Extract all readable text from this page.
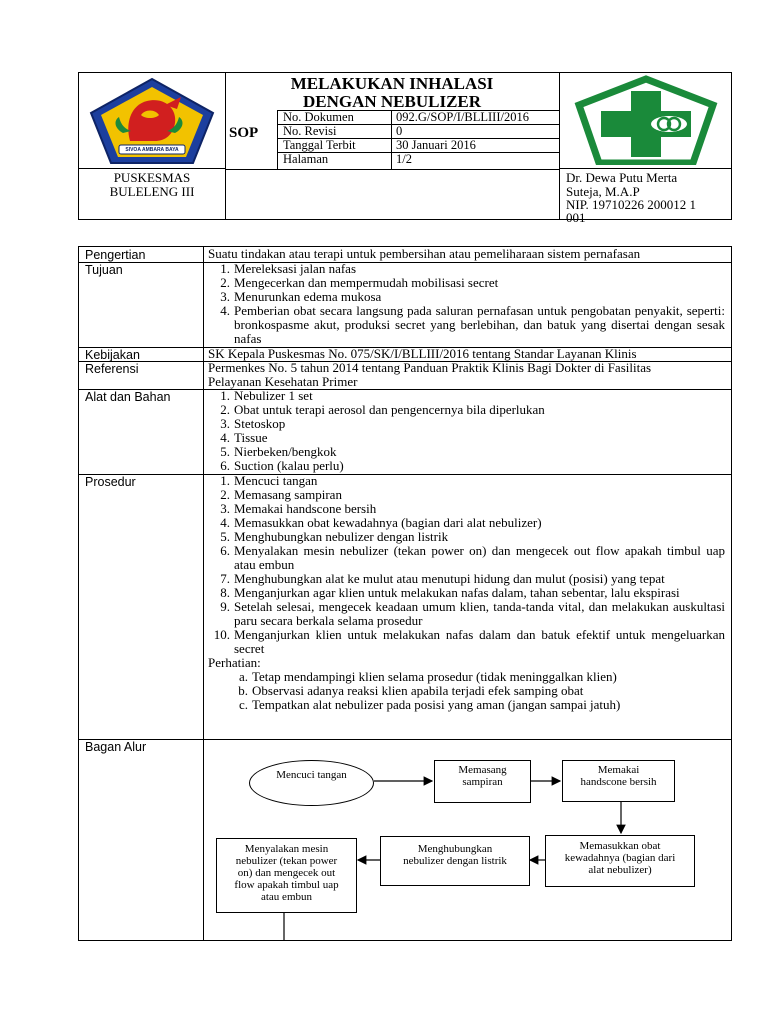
SIVOA AMBARA BAYA
PUSKESMAS
BULELENG III
MELAKUKAN INHALASI
DENGAN NEBULIZER
SOP
No. Dokumen	092.G/SOP/I/BLLIII/2016
No. Revisi	0
Tanggal Terbit	30 Januari 2016
Halaman	1/2
Dr. Dewa Putu Merta
Suteja, M.A.P
NIP. 19710226 200012 1
001
Pengertian	Suatu tindakan atau terapi untuk pembersihan atau pemeliharaan sistem pernafasan
Tujuan	1. Mereleksasi jalan nafas
2. Mengecerkan dan mempermudah mobilisasi secret
3. Menurunkan edema mukosa
4. Pemberian obat secara langsung pada saluran pernafasan untuk pengobatan penyakit, seperti: bronkospasme akut, produksi secret yang berlebihan, dan batuk yang disertai dengan sesak nafas
Kebijakan	SK Kepala Puskesmas No. 075/SK/I/BLLIII/2016 tentang Standar Layanan Klinis
Referensi	Permenkes No. 5 tahun 2014 tentang Panduan Praktik Klinis Bagi Dokter di Fasilitas
Pelayanan Kesehatan Primer
Alat dan Bahan	1. Nebulizer 1 set
2. Obat untuk terapi aerosol dan pengencernya bila diperlukan
3. Stetoskop
4. Tissue
5. Nierbeken/bengkok
6. Suction (kalau perlu)
Prosedur	1. Mencuci tangan
2. Memasang sampiran
3. Memakai handscone bersih
4. Memasukkan obat kewadahnya (bagian dari alat nebulizer)
5. Menghubungkan nebulizer dengan listrik
6. Menyalakan mesin nebulizer (tekan power on) dan mengecek out flow apakah timbul uap atau embun
7. Menghubungkan alat ke mulut atau menutupi hidung dan mulut (posisi) yang tepat
8. Menganjurkan agar klien untuk melakukan nafas dalam, tahan sebentar, lalu ekspirasi
9. Setelah selesai, mengecek keadaan umum klien, tanda-tanda vital, dan melakukan auskultasi paru secara berkala selama prosedur
10. Menganjurkan klien untuk melakukan nafas dalam dan batuk efektif untuk mengeluarkan secret
Perhatian:
a. Tetap mendampingi klien selama prosedur (tidak meninggalkan klien)
b. Observasi adanya reaksi klien apabila terjadi efek samping obat
c. Tempatkan alat nebulizer pada posisi yang aman (jangan sampai jatuh)
Bagan Alur
Mencuci tangan	Memasang
sampiran
Memakai
handscone bersih
Memasukkan obat
kewadahnya (bagian dari
alat nebulizer)
Menghubungkan
nebulizer dengan listrik
Menyalakan mesin
nebulizer (tekan power
on) dan mengecek out
flow apakah timbul uap
atau embun
